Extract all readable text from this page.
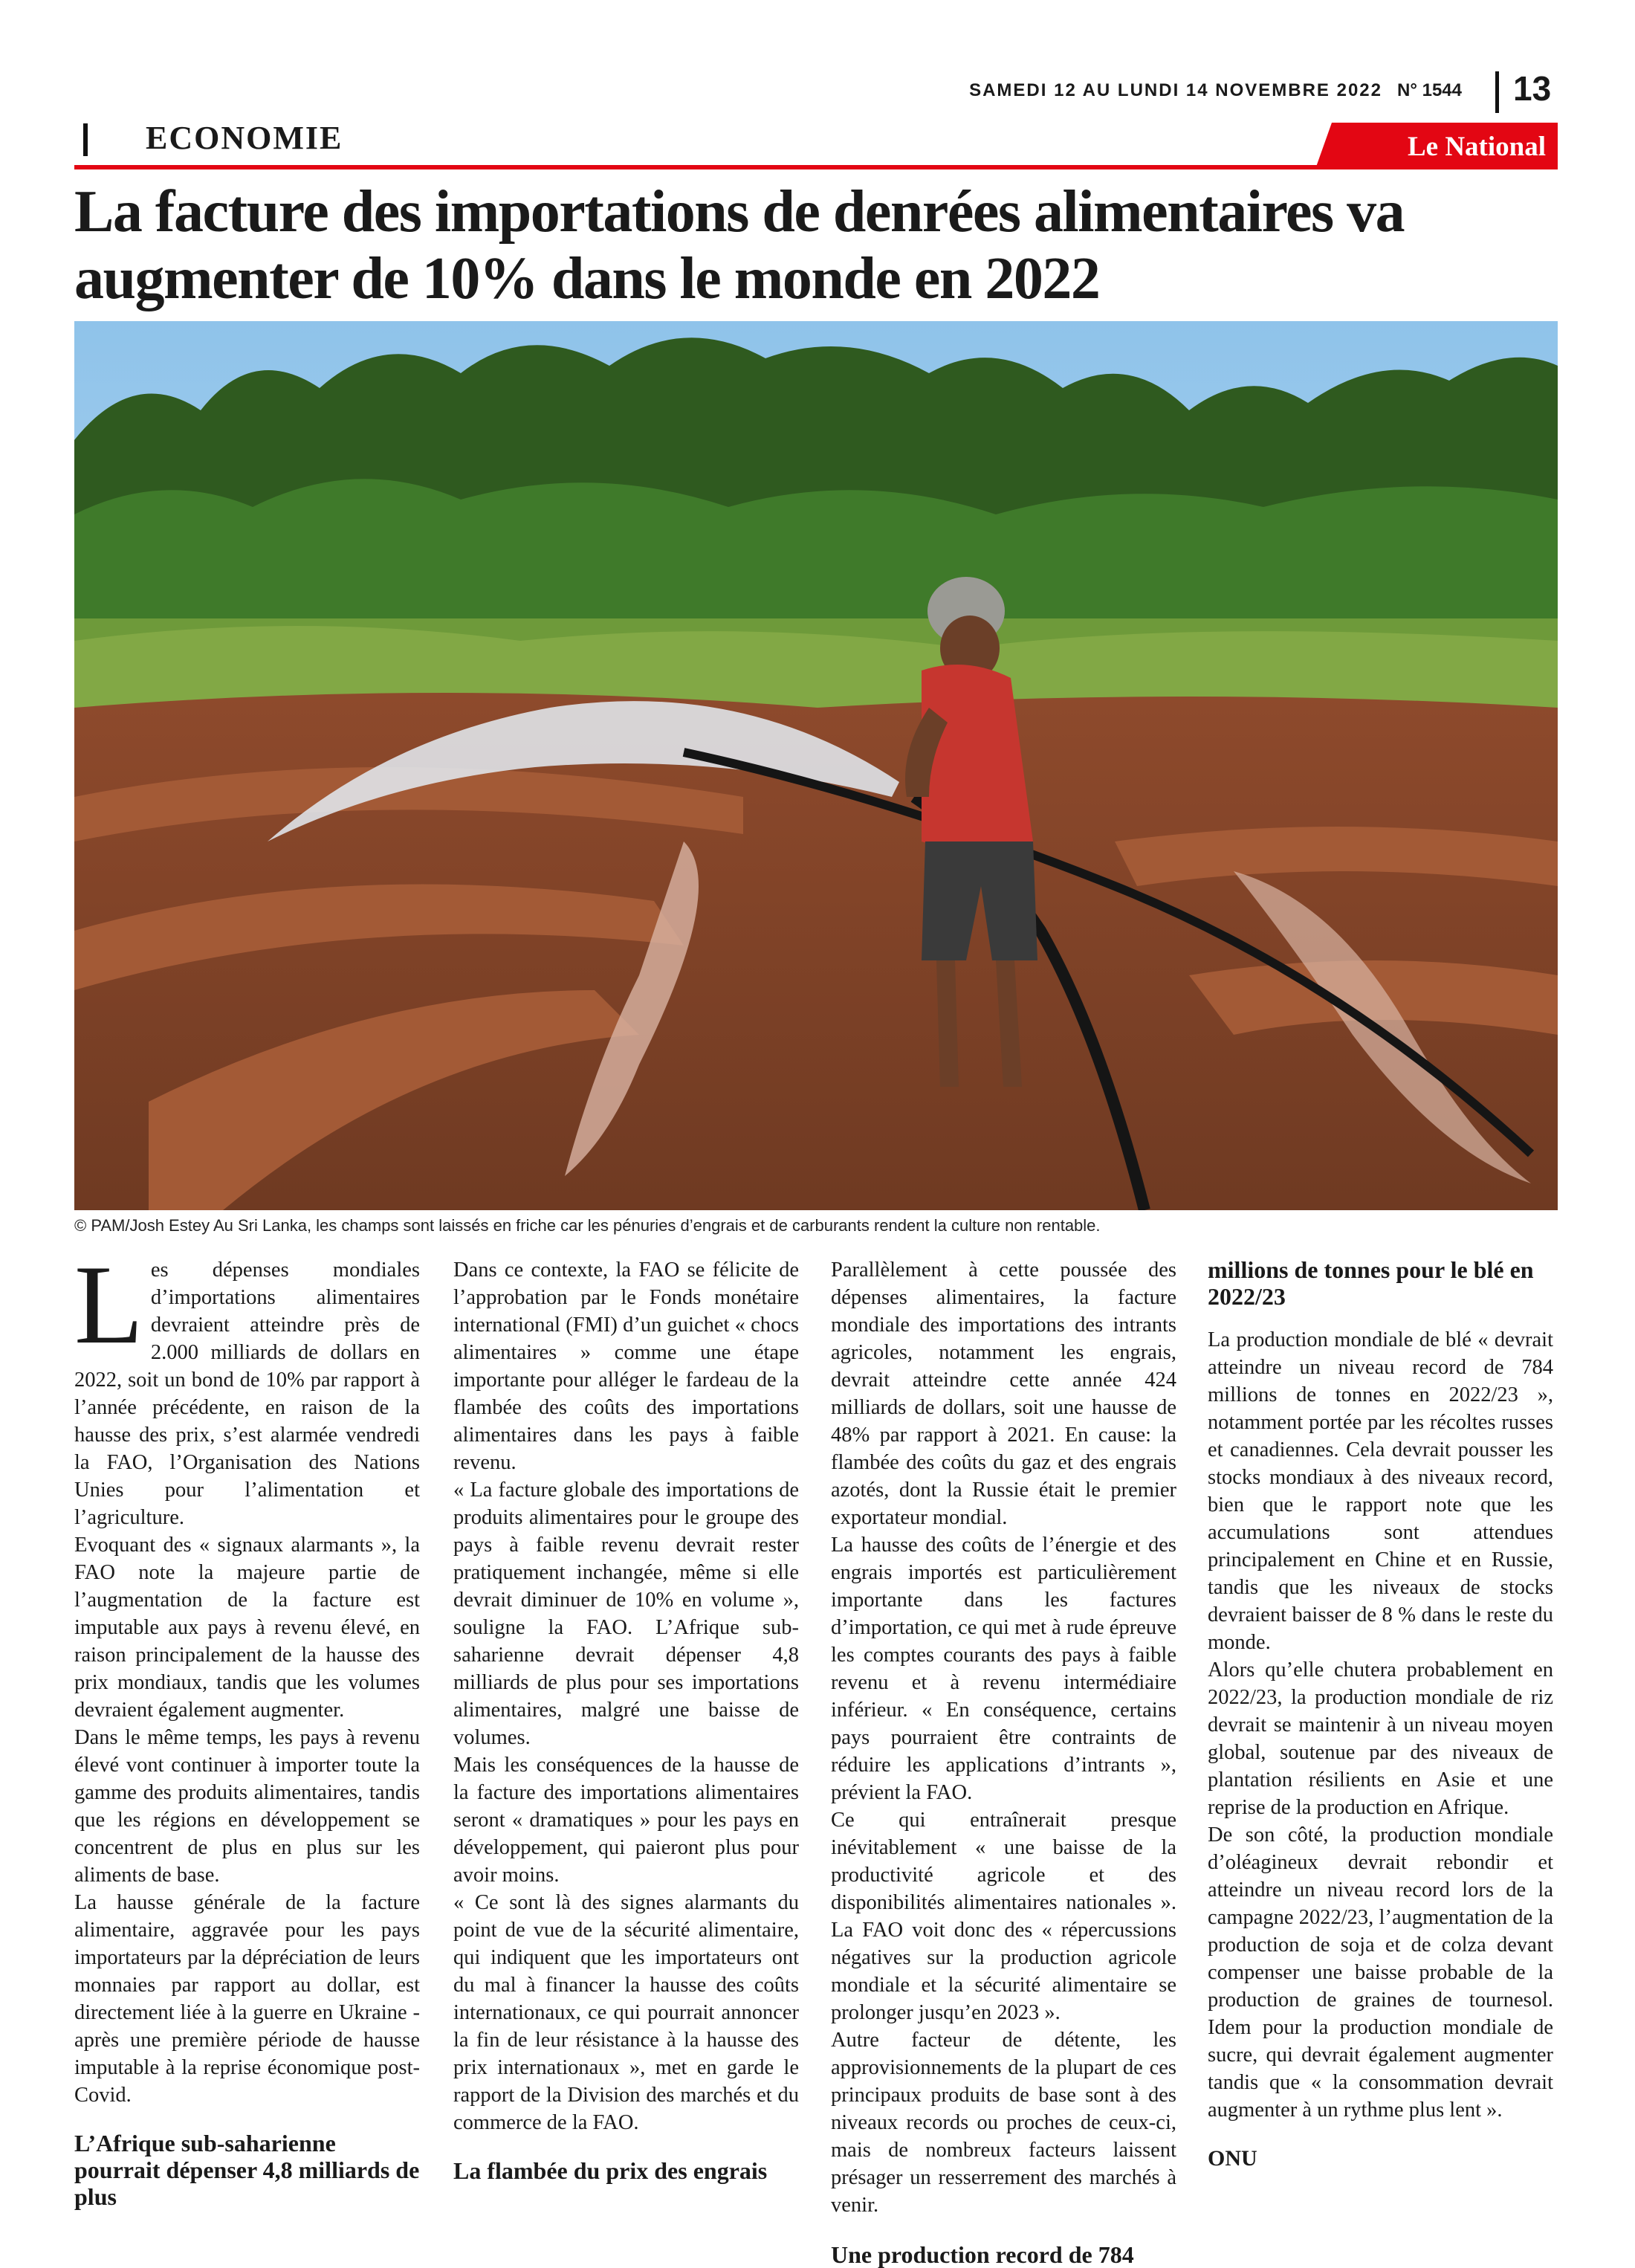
SAMEDI 12 AU LUNDI 14 NOVEMBRE 2022 N° 1544 13
ECONOMIE	Le National
La facture des importations de denrées alimentaires va augmenter de 10% dans le monde en 2022
© PAM/Josh Estey Au Sri Lanka, les champs sont laissés en friche car les pénuries d’engrais et de carburants rendent la culture non rentable.

Les dépenses mondiales d’importations alimentaires devraient atteindre près de 2.000 milliards de dollars en 2022, soit un bond de 10% par rapport à l’année précédente, en raison de la hausse des prix, s’est alarmée vendredi la FAO, l’Organisation des Nations Unies pour l’alimentation et l’agriculture.

Evoquant des « signaux alarmants », la FAO note la majeure partie de l’augmentation de la facture est imputable aux pays à revenu élevé, en raison principalement de la hausse des prix mondiaux, tandis que les volumes devraient également augmenter.

Dans le même temps, les pays à revenu élevé vont continuer à importer toute la gamme des produits alimentaires, tandis que les régions en développement se concentrent de plus en plus sur les aliments de base.

La hausse générale de la facture alimentaire, aggravée pour les pays importateurs par la dépréciation de leurs monnaies par rapport au dollar, est directement liée à la guerre en Ukraine - après une première période de hausse imputable à la reprise économique post-Covid.

L’Afrique sub-saharienne pourrait dépenser 4,8 milliards de plus

Dans ce contexte, la FAO se félicite de l’approbation par le Fonds monétaire international (FMI) d’un guichet « chocs alimentaires » comme une étape importante pour alléger le fardeau de la flambée des coûts des importations alimentaires dans les pays à faible revenu.

« La facture globale des importations de produits alimentaires pour le groupe des pays à faible revenu devrait rester pratiquement inchangée, même si elle devrait diminuer de 10% en volume », souligne la FAO. L’Afrique sub-saharienne devrait dépenser 4,8 milliards de plus pour ses importations alimentaires, malgré une baisse de volumes.

Mais les conséquences de la hausse de la facture des importations alimentaires seront « dramatiques » pour les pays en développement, qui paieront plus pour avoir moins.

« Ce sont là des signes alarmants du point de vue de la sécurité alimentaire, qui indiquent que les importateurs ont du mal à financer la hausse des coûts internationaux, ce qui pourrait annoncer la fin de leur résistance à la hausse des prix internationaux », met en garde le rapport de la Division des marchés et du commerce de la FAO.

La flambée du prix des engrais

Parallèlement à cette poussée des dépenses alimentaires, la facture mondiale des importations des intrants agricoles, notamment les engrais, devrait atteindre cette année 424 milliards de dollars, soit une hausse de 48% par rapport à 2021. En cause: la flambée des coûts du gaz et des engrais azotés, dont la Russie était le premier exportateur mondial.

La hausse des coûts de l’énergie et des engrais importés est particulièrement importante dans les factures d’importation, ce qui met à rude épreuve les comptes courants des pays à faible revenu et à revenu intermédiaire inférieur. « En conséquence, certains pays pourraient être contraints de réduire les applications d’intrants », prévient la FAO.

Ce qui entraînerait presque inévitablement « une baisse de la productivité agricole et des disponibilités alimentaires nationales ». La FAO voit donc des « répercussions négatives sur la production agricole mondiale et la sécurité alimentaire se prolonger jusqu’en 2023 ».

Autre facteur de détente, les approvisionnements de la plupart de ces principaux produits de base sont à des niveaux records ou proches de ceux-ci, mais de nombreux facteurs laissent présager un resserrement des marchés à venir.

Une production record de 784

millions de tonnes pour le blé en 2022/23

La production mondiale de blé « devrait atteindre un niveau record de 784 millions de tonnes en 2022/23 », notamment portée par les récoltes russes et canadiennes. Cela devrait pousser les stocks mondiaux à des niveaux record, bien que le rapport note que les accumulations sont attendues principalement en Chine et en Russie, tandis que les niveaux de stocks devraient baisser de 8 % dans le reste du monde.

Alors qu’elle chutera probablement en 2022/23, la production mondiale de riz devrait se maintenir à un niveau moyen global, soutenue par des niveaux de plantation résilients en Asie et une reprise de la production en Afrique.

De son côté, la production mondiale d’oléagineux devrait rebondir et atteindre un niveau record lors de la campagne 2022/23, l’augmentation de la production de soja et de colza devant compenser une baisse probable de la production de graines de tournesol. Idem pour la production mondiale de sucre, qui devrait également augmenter tandis que « la consommation devrait augmenter à un rythme plus lent ».

ONU
